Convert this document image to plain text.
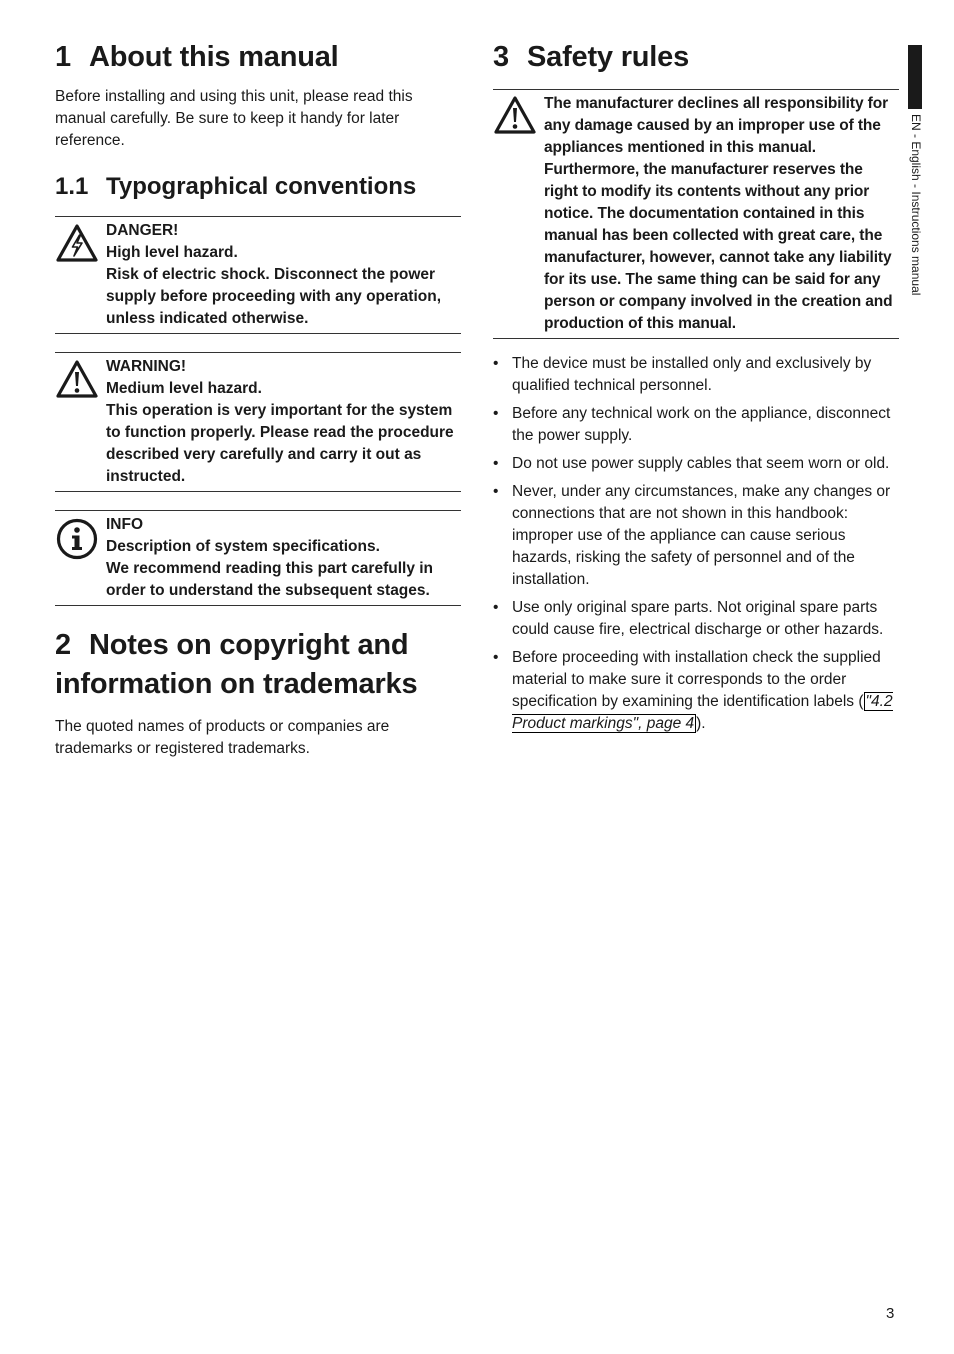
1 About this manual

Before installing and using this unit, please read this manual carefully. Be sure to keep it handy for later reference.

1.1 Typographical conventions
DANGER!
High level hazard.
Risk of electric shock. Disconnect the power supply before proceeding with any operation, unless indicated otherwise.
WARNING!
Medium level hazard.
This operation is very important for the system to function properly. Please read the procedure described very carefully and carry it out as instructed.
INFO
Description of system specifications.
We recommend reading this part carefully in order to understand the subsequent stages.
2 Notes on copyright and information on trademarks

The quoted names of products or companies are trademarks or registered trademarks.

3 Safety rules
The manufacturer declines all responsibility for any damage caused by an improper use of the appliances mentioned in this manual. Furthermore, the manufacturer reserves the right to modify its contents without any prior notice. The documentation contained in this manual has been collected with great care, the manufacturer, however, cannot take any liability for its use. The same thing can be said for any person or company involved in the creation and production of this manual.
• The device must be installed only and exclusively by qualified technical personnel.
• Before any technical work on the appliance, disconnect the power supply.
• Do not use power supply cables that seem worn or old.
• Never, under any circumstances, make any changes or connections that are not shown in this handbook: improper use of the appliance can cause serious hazards, risking the safety of personnel and of the installation.
• Use only original spare parts. Not original spare parts could cause fire, electrical discharge or other hazards.
• Before proceeding with installation check the supplied material to make sure it corresponds to the order specification by examining the identification labels ( "4.2 Product markings", page 4 ).
EN - English - Instructions manual
3
